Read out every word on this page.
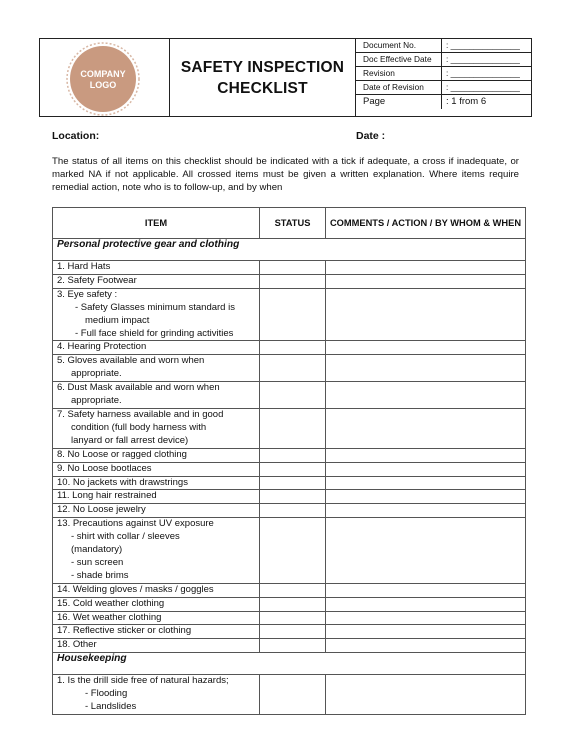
COMPANY
LOGO
SAFETY INSPECTION
CHECKLIST
Document No.	: _______________
Doc Effective Date	: _______________
Revision	: _______________
Date of Revision	: _______________
Page	: 1 from 6
Location:	Date :
The status of all items on this checklist should be indicated with a tick if adequate, a cross if inadequate, or marked NA if not applicable. All crossed items must be given a written explanation. Where items require remedial action, note who is to follow-up, and by when
ITEM	STATUS	COMMENTS / ACTION / BY WHOM & WHEN
Personal protective gear and clothing		
1. Hard Hats		
2. Safety Footwear		

3. Eye safety :
- Safety Glasses minimum standard is
medium impact
- Full face shield for grinding activities		

4. Hearing Protection		

5. Gloves available and worn when
appropriate.		

6. Dust Mask available and worn when
appropriate.		

7. Safety harness available and in good
condition (full body harness with
lanyard or fall arrest device)		

8. No Loose or ragged clothing		
9. No Loose bootlaces		
10. No jackets with drawstrings		
11. Long hair restrained		
12. No Loose jewelry		

13. Precautions against UV exposure
- shirt with collar / sleeves
(mandatory)
- sun screen
- shade brims		

14. Welding gloves / masks / goggles		
15. Cold weather clothing		
16. Wet weather clothing		
17. Reflective sticker or clothing		
18. Other		
Housekeeping		

1. Is the drill side free of natural hazards;
- Flooding
- Landslides		
